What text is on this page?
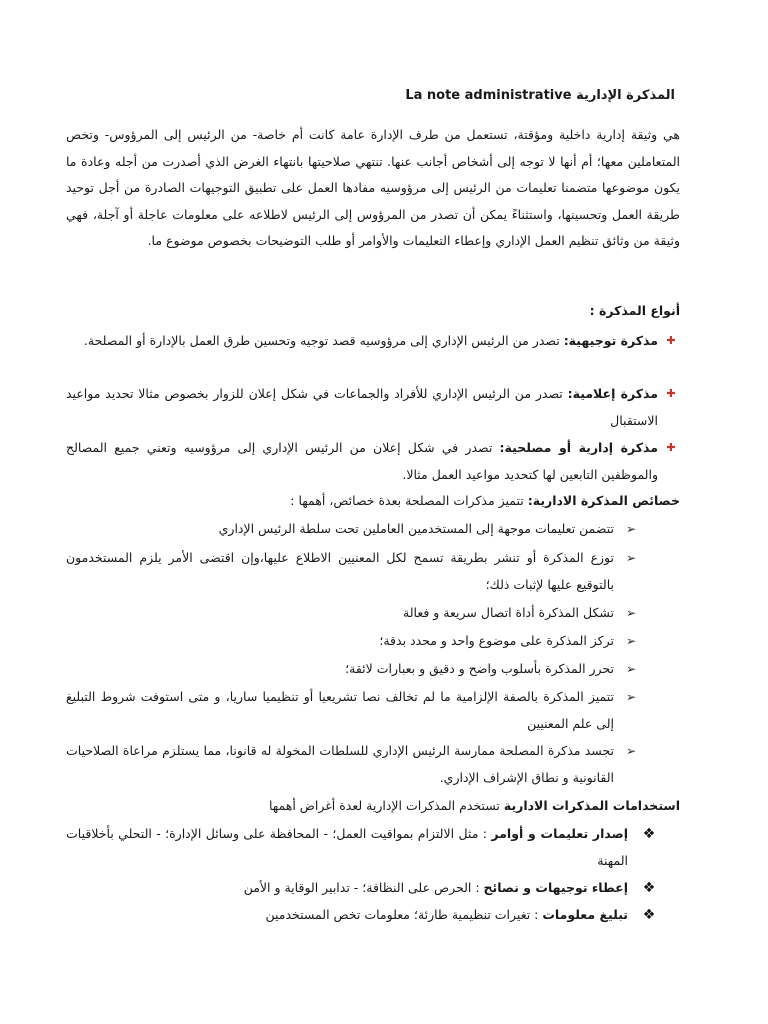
المذكرة الإدارية La note administrative
هي وثيقة إدارية داخلية ومؤقتة، تستعمل من طرف الإدارة عامة كانت أم خاصة- من الرئيس إلى المرؤوس- وتخص المتعاملين معها؛ أم أنها لا توجه إلى أشخاص أجانب عنها. تنتهي صلاحيتها بانتهاء الغرض الذي أصدرت من أجله وعادة ما يكون موضوعها متضمنا تعليمات من الرئيس إلى مرؤوسيه مفادها العمل على تطبيق التوجيهات الصادرة من أجل توحيد طريقة العمل وتحسينها، واستثناءً يمكن أن تصدر من المرؤوس إلى الرئيس لاطلاعه على معلومات عاجلة أو آجلة، فهي وثيقة من وثائق تنظيم العمل الإداري وإعطاء التعليمات والأوامر أو طلب التوضيحات بخصوص موضوع ما.
أنواع المذكرة :
✚
مذكرة توجيهية: تصدر من الرئيس الإداري إلى مرؤوسيه قصد توجيه وتحسين طرق العمل بالإدارة أو المصلحة.
✚
مذكرة إعلامية: تصدر من الرئيس الإداري للأفراد والجماعات في شكل إعلان للزوار بخصوص مثالا تحديد مواعيد الاستقبال
✚
مذكرة إدارية أو مصلحية: تصدر في شكل إعلان من الرئيس الإداري إلى مرؤوسيه وتعني جميع المصالح والموظفين التابعين لها كتحديد مواعيد العمل مثالا.
خصائص المذكرة الادارية: تتميز مذكرات المصلحة بعدة خصائص، أهمها :
➢
تتضمن تعليمات موجهة إلى المستخدمين العاملين تحت سلطة الرئيس الإداري
➢
توزع المذكرة أو تنشر بطريقة تسمح لكل المعنيين الاطلاع عليها،وإن اقتضى الأمر يلزم المستخدمون بالتوقيع عليها لإثبات ذلك؛
➢
تشكل المذكرة أداة اتصال سريعة و فعالة
➢
تركز المذكرة على موضوع واحد و محدد بدقة؛
➢
تحرر المذكرة بأسلوب واضح و دقيق و بعبارات لائقة؛
➢
تتميز المذكرة بالصفة الإلزامية ما لم تخالف نصا تشريعيا أو تنظيميا ساريا، و متى استوفت شروط التبليغ إلى علم المعنيين
➢
تجسد مذكرة المصلحة ممارسة الرئيس الإداري للسلطات المخولة له قانونا، مما يستلزم مراعاة الصلاحيات القانونية و نطاق الإشراف الإداري.
استخدامات المذكرات الادارية تستخدم المذكرات الإدارية لعدة أغراض أهمها
❖
إصدار تعليمات و أوامر : مثل الالتزام بمواقيت العمل؛ - المحافظة على وسائل الإدارة؛ - التحلي بأخلاقيات المهنة
❖
إعطاء توجيهات و نصائح : الحرص على النظافة؛ - تدابير الوقاية و الأمن
❖
تبليغ معلومات : تغيرات تنظيمية طارئة؛ معلومات تخص المستخدمين
